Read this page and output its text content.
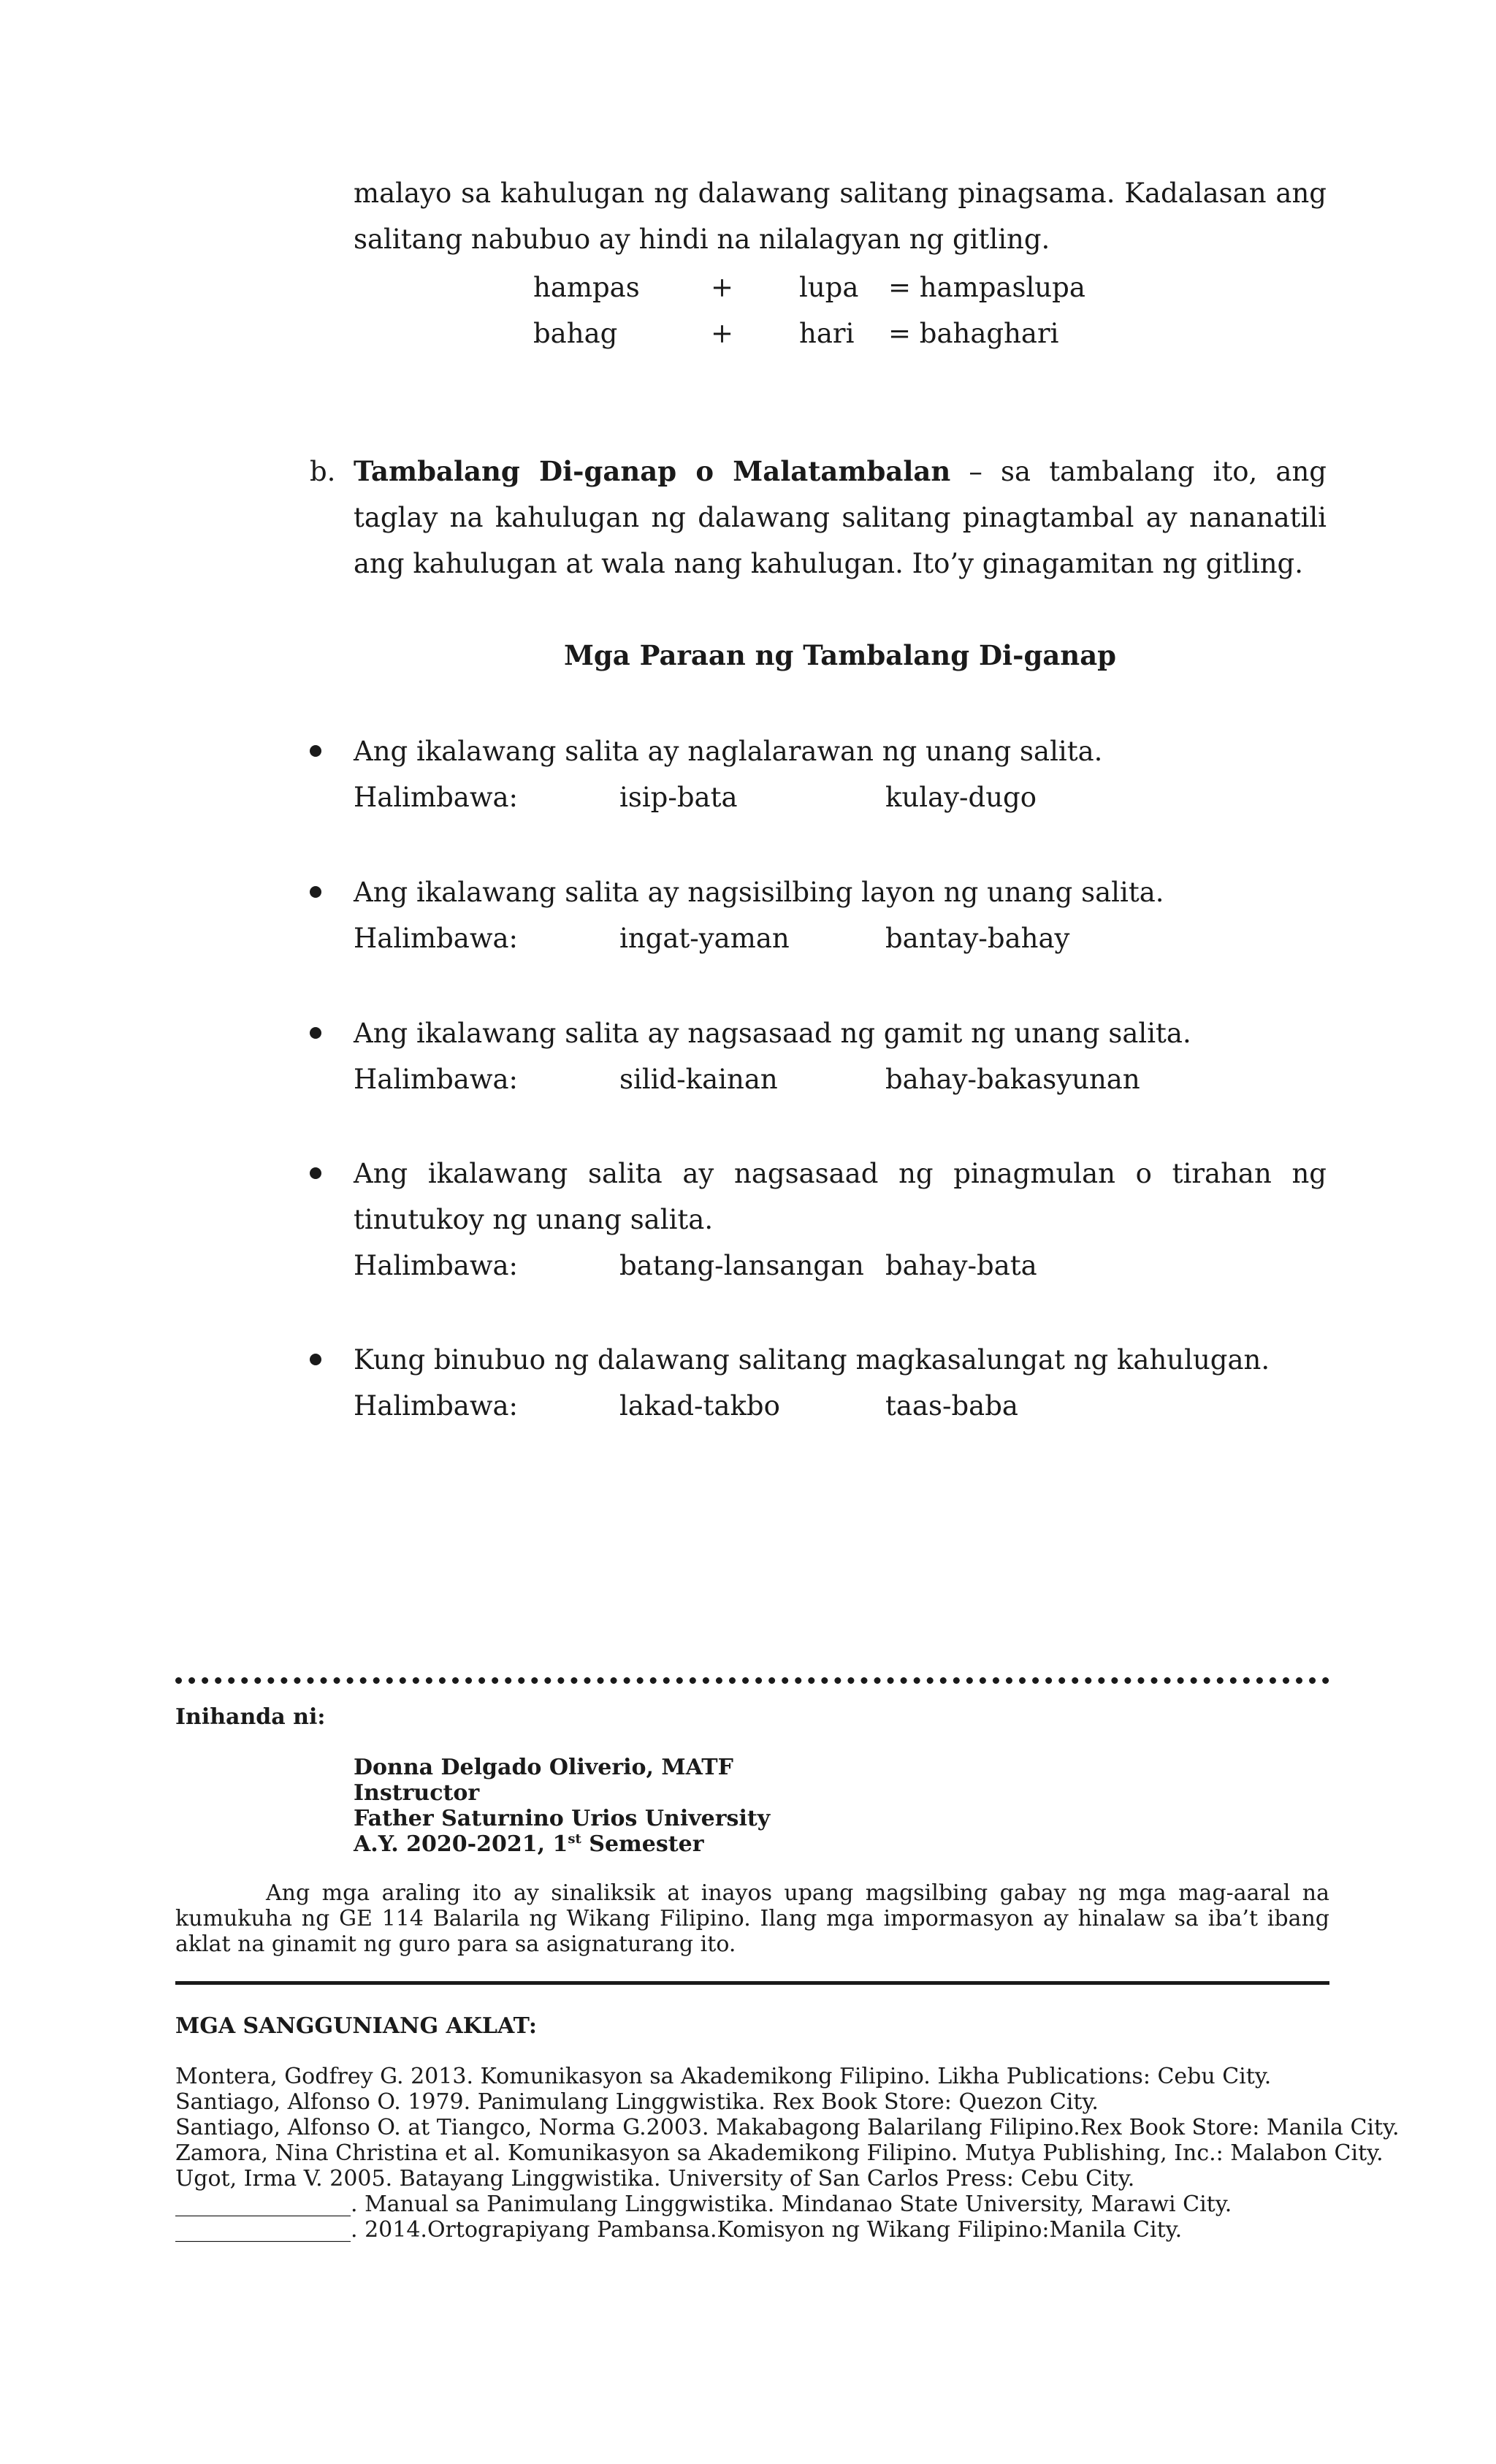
malayo sa kahulugan ng dalawang salitang pinagsama. Kadalasan ang salitang nabubuo ay hindi na nilalagyan ng gitling.
hampas	+ lupa = hampaslupa
bahag	+ hari = bahaghari
b. Tambalang Di-ganap o Malatambalan – sa tambalang ito, ang taglay na kahulugan ng dalawang salitang pinagtambal ay nananatili ang kahulugan at wala nang kahulugan. Ito’y ginagamitan ng gitling.
Mga Paraan ng Tambalang Di-ganap
Ang ikalawang salita ay naglalarawan ng unang salita.
Halimbawa:	isip-bata	kulay-dugo
Ang ikalawang salita ay nagsisilbing layon ng unang salita.
Halimbawa:	ingat-yaman	bantay-bahay
Ang ikalawang salita ay nagsasaad ng gamit ng unang salita.
Halimbawa:	silid-kainan	bahay-bakasyunan
Ang ikalawang salita ay nagsasaad ng pinagmulan o tirahan ng tinutukoy ng unang salita.
Halimbawa:	batang-lansangan bahay-bata
Kung binubuo ng dalawang salitang magkasalungat ng kahulugan.
Halimbawa:	lakad-takbo	taas-baba
Inihanda ni:
Donna Delgado Oliverio, MATF
Instructor
Father Saturnino Urios University
A.Y. 2020-2021, 1st Semester
Ang mga araling ito ay sinaliksik at inayos upang magsilbing gabay ng mga mag-aaral na kumukuha ng GE 114 Balarila ng Wikang Filipino. Ilang mga impormasyon ay hinalaw sa iba’t ibang aklat na ginamit ng guro para sa asignaturang ito.
MGA SANGGUNIANG AKLAT:
Montera, Godfrey G. 2013. Komunikasyon sa Akademikong Filipino. Likha Publications: Cebu City.
Santiago, Alfonso O. 1979. Panimulang Linggwistika. Rex Book Store: Quezon City.
Santiago, Alfonso O. at Tiangco, Norma G.2003. Makabagong Balarilang Filipino.Rex Book Store: Manila City.
Zamora, Nina Christina et al. Komunikasyon sa Akademikong Filipino. Mutya Publishing, Inc.: Malabon City.
Ugot, Irma V. 2005. Batayang Linggwistika. University of San Carlos Press: Cebu City.
________________. Manual sa Panimulang Linggwistika. Mindanao State University, Marawi City.
________________. 2014.Ortograpiyang Pambansa.Komisyon ng Wikang Filipino:Manila City.
